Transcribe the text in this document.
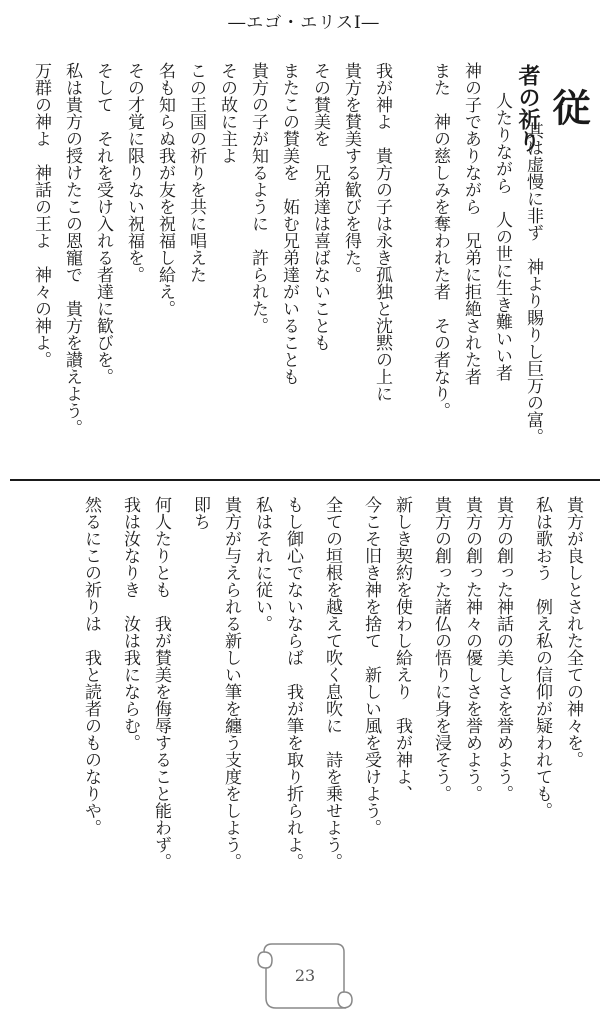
―エゴ・エリスⅠ―
従
者の祈り
其は虚慢に非ず　神より賜りし巨万の富。
人たりながら　人の世に生き難いい者
神の子でありながら　兄弟に拒絶された者
また　神の慈しみを奪われた者　その者なり。
我が神よ　貴方の子は永き孤独と沈黙の上に
貴方を賛美する歓びを得た。
その賛美を　兄弟達は喜ばないことも
またこの賛美を　妬む兄弟達がいることも
貴方の子が知るように　許られた。
その故に主よ
この王国の祈りを共に唱えた
名も知らぬ我が友を祝福し給え。
その才覚に限りない祝福を。
そして　それを受け入れる者達に歓びを。
私は貴方の授けたこの恩寵で　貴方を讃えよう。
万群の神よ　神話の王よ　神々の神よ。
貴方が良しとされた全ての神々を。
私は歌おう　例え私の信仰が疑われても。
貴方の創った神話の美しさを誉めよう。
貴方の創った神々の優しさを誉めよう。
貴方の創った諸仏の悟りに身を浸そう。
新しき契約を使わし給えり　我が神よ、
今こそ旧き神を捨て　新しい風を受けよう。
全ての垣根を越えて吹く息吹に　詩を乗せよう。
もし御心でないならば　我が筆を取り折られよ。
私はそれに従い。
貴方が与えられる新しい筆を纏う支度をしよう。
即ち
何人たりとも　我が賛美を侮辱すること能わず。
我は汝なりき　汝は我にならむ。
然るにこの祈りは　我と読者のものなりや。
23
